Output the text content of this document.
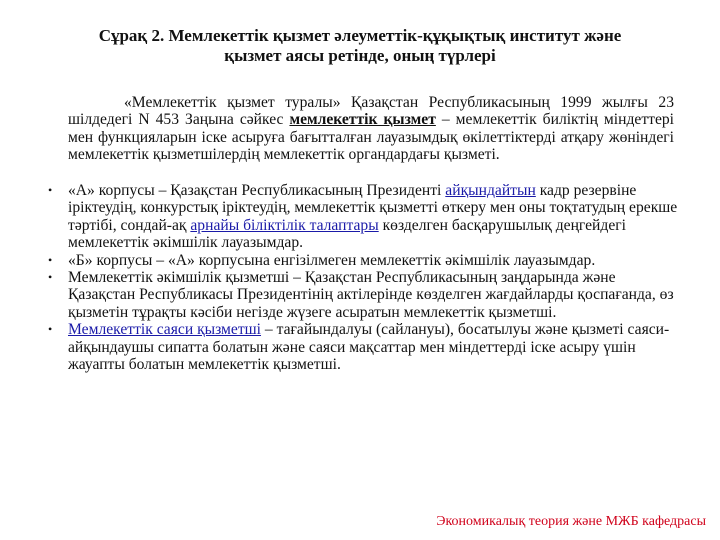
Сұрақ 2. Мемлекеттік қызмет әлеуметтік-құқықтық институт және
қызмет аясы ретінде, оның түрлері

«Мемлекеттік қызмет туралы» Қазақстан Республикасының 1999 жылғы 23 шілдедегі N 453 Заңына сәйкес мемлекеттік қызмет – мемлекеттік биліктің міндеттері мен функцияларын іске асыруға бағытталған лауазымдық өкілеттіктерді атқару жөніндегі мемлекеттік қызметшілердің мемлекеттік органдардағы қызметі.

• «А» корпусы – Қазақстан Республикасының Президенті айқындайтын кадр резервіне іріктеудің, конкурстық іріктеудің, мемлекеттік қызметті өткеру мен оны тоқтатудың ерекше тәртібі, сондай-ақ арнайы біліктілік талаптары көзделген басқарушылық деңгейдегі мемлекеттік әкімшілік лауазымдар.
• «Б» корпусы – «А» корпусына енгізілмеген мемлекеттік әкімшілік лауазымдар.
• Мемлекеттік әкімшілік қызметші – Қазақстан Республикасының заңдарында және Қазақстан Республикасы Президентінің актілерінде көзделген жағдайларды қоспағанда, өз қызметін тұрақты кәсіби негізде жүзеге асыратын мемлекеттік қызметші.
• Мемлекеттік саяси қызметші – тағайындалуы (сайлануы), босатылуы және қызметі саяси-айқындаушы сипатта болатын және саяси мақсаттар мен міндеттерді іске асыру үшін жауапты болатын мемлекеттік қызметші.
Экономикалық теория және МЖБ кафедрасы
